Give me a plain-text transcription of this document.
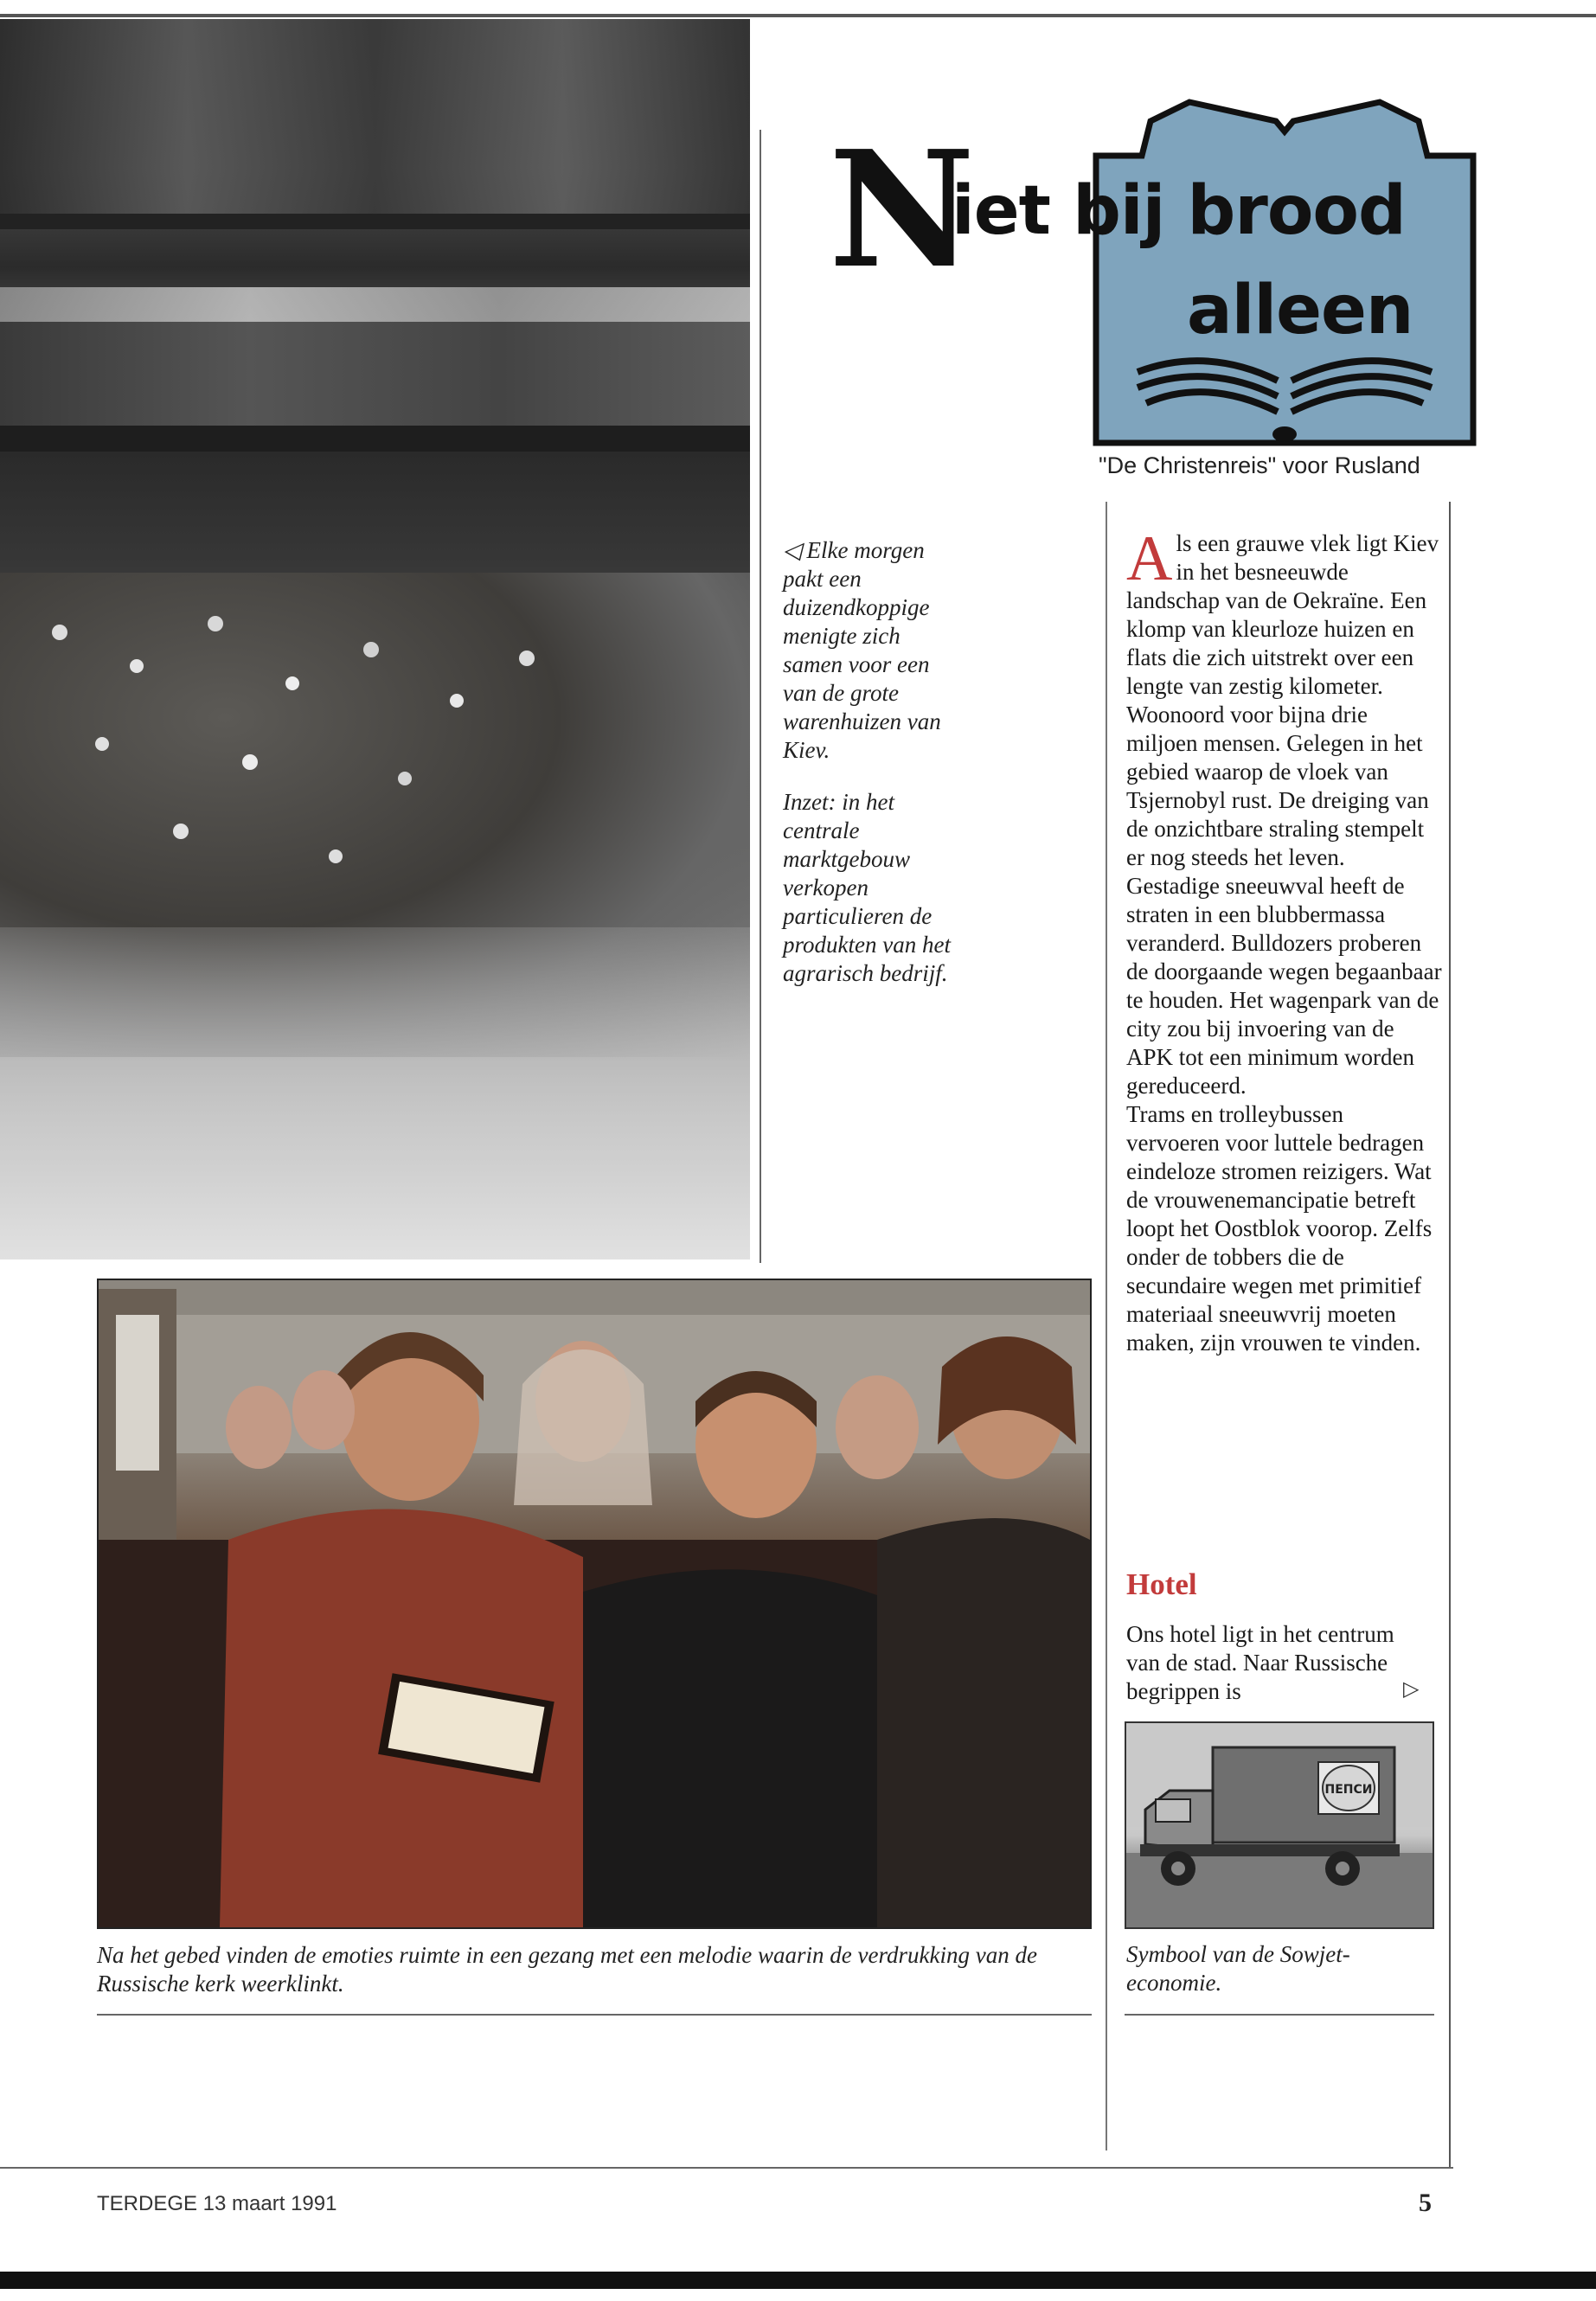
N
iet bij brood
alleen
"De Christenreis" voor Rusland

◁ Elke morgen pakt een duizendkoppige menigte zich samen voor een van de grote warenhuizen van Kiev.

Inzet: in het centrale marktgebouw verkopen particulieren de produkten van het agrarisch bedrijf.

A ls een grauwe vlek ligt Kiev in het besneeuwde landschap van de Oekraïne. Een klomp van kleurloze huizen en flats die zich uitstrekt over een lengte van zestig kilometer. Woonoord voor bijna drie miljoen mensen. Gelegen in het gebied waarop de vloek van Tsjernobyl rust. De dreiging van de onzichtbare straling stempelt er nog steeds het leven. Gestadige sneeuwval heeft de straten in een blubbermassa veranderd. Bulldozers proberen de doorgaande wegen begaanbaar te houden. Het wagenpark van de city zou bij invoering van de APK tot een minimum worden gereduceerd.
Trams en trolleybussen vervoeren voor luttele bedragen eindeloze stromen reizigers. Wat de vrouwenemancipatie betreft loopt het Oostblok voorop. Zelfs onder de tobbers die de secundaire wegen met primitief materiaal sneeuwvrij moeten maken, zijn vrouwen te vinden.
Hotel
Ons hotel ligt in het centrum van de stad. Naar Russische begrippen is	▷
ПЕПСИ
Symbool van de Sowjet-economie.
Na het gebed vinden de emoties ruimte in een gezang met een melodie waarin de verdrukking van de Russische kerk weerklinkt.
TERDEGE 13 maart 1991	5
